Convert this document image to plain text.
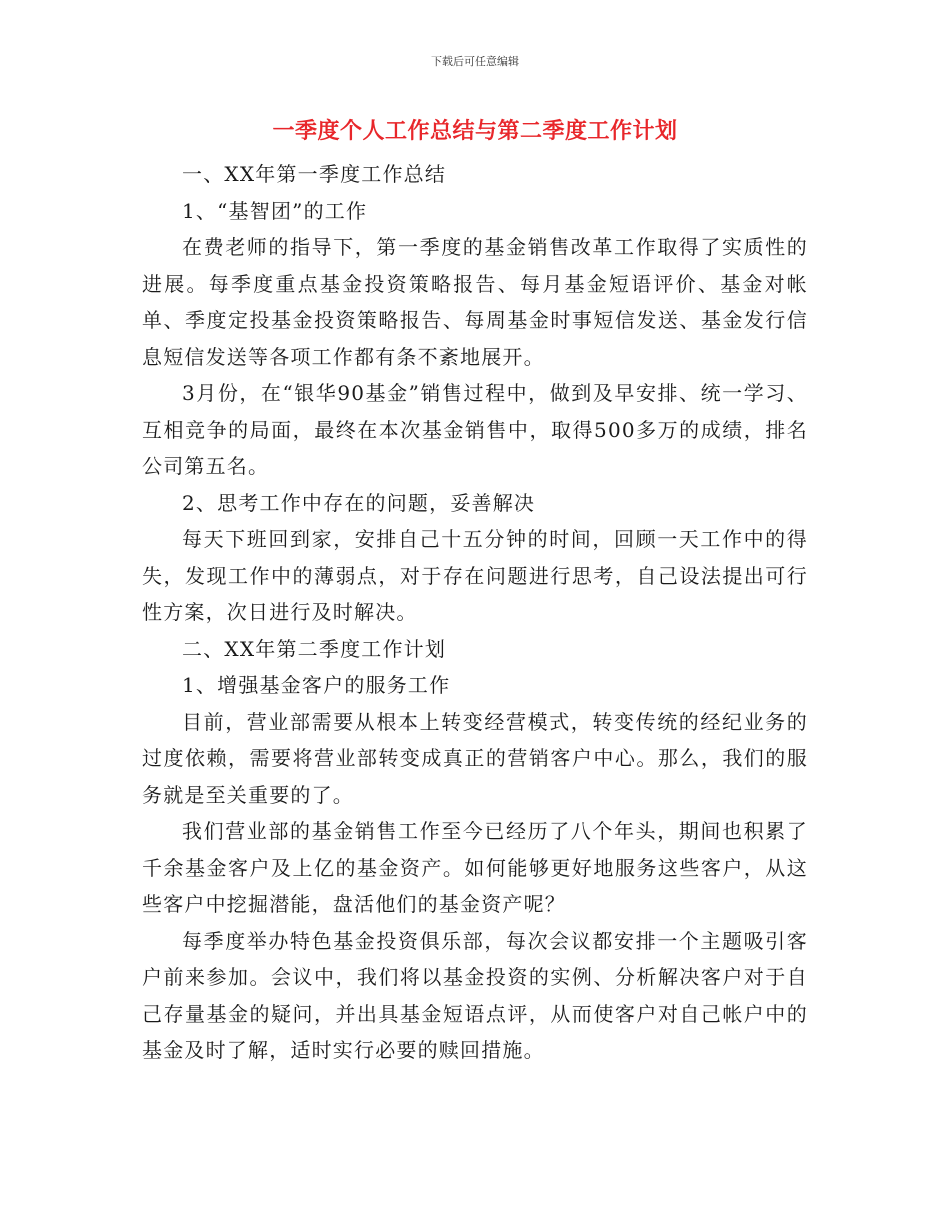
下载后可任意编辑
一季度个人工作总结与第二季度工作计划

一、XX年第一季度工作总结

1、“基智团”的工作

在费老师的指导下，第一季度的基金销售改革工作取得了实质性的进展。每季度重点基金投资策略报告、每月基金短语评价、基金对帐单、季度定投基金投资策略报告、每周基金时事短信发送、基金发行信息短信发送等各项工作都有条不紊地展开。

3月份，在“银华90基金”销售过程中，做到及早安排、统一学习、互相竞争的局面，最终在本次基金销售中，取得500多万的成绩，排名公司第五名。

2、思考工作中存在的问题，妥善解决

每天下班回到家，安排自己十五分钟的时间，回顾一天工作中的得失，发现工作中的薄弱点，对于存在问题进行思考，自己设法提出可行性方案，次日进行及时解决。

二、XX年第二季度工作计划

1、增强基金客户的服务工作

目前，营业部需要从根本上转变经营模式，转变传统的经纪业务的过度依赖，需要将营业部转变成真正的营销客户中心。那么，我们的服务就是至关重要的了。

我们营业部的基金销售工作至今已经历了八个年头，期间也积累了千余基金客户及上亿的基金资产。如何能够更好地服务这些客户，从这些客户中挖掘潜能，盘活他们的基金资产呢？

每季度举办特色基金投资俱乐部，每次会议都安排一个主题吸引客户前来参加。会议中，我们将以基金投资的实例、分析解决客户对于自己存量基金的疑问，并出具基金短语点评，从而使客户对自己帐户中的基金及时了解，适时实行必要的赎回措施。
